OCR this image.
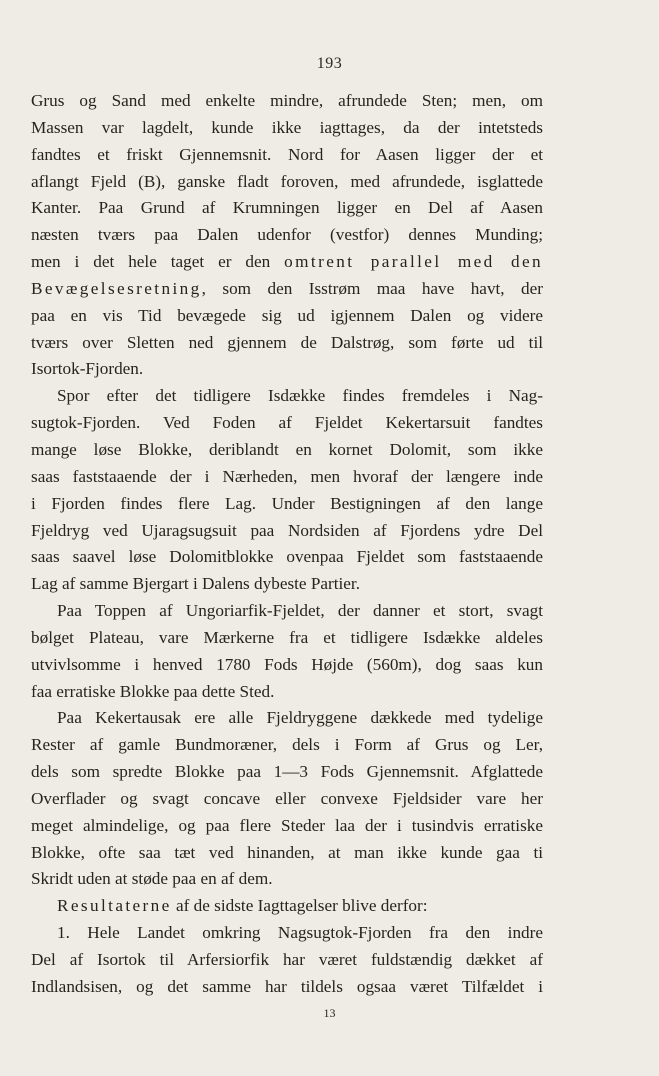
193

Grus og Sand med enkelte mindre, afrundede Sten; men, om

Massen var lagdelt, kunde ikke iagttages, da der intetsteds

fandtes et friskt Gjennemsnit. Nord for Aasen ligger der et

aflangt Fjeld (B), ganske fladt foroven, med afrundede, isglattede

Kanter. Paa Grund af Krumningen ligger en Del af Aasen

næsten tværs paa Dalen udenfor (vestfor) dennes Munding;

men i det hele taget er den omtrent parallel med den

Bevægelsesretning, som den Isstrøm maa have havt, der

paa en vis Tid bevægede sig ud igjennem Dalen og videre

tværs over Sletten ned gjennem de Dalstrøg, som førte ud til

Isortok-Fjorden.

Spor efter det tidligere Isdække findes fremdeles i Nag-

sugtok-Fjorden. Ved Foden af Fjeldet Kekertarsuit fandtes

mange løse Blokke, deriblandt en kornet Dolomit, som ikke

saas faststaaende der i Nærheden, men hvoraf der længere inde

i Fjorden findes flere Lag. Under Bestigningen af den lange

Fjeldryg ved Ujaragsugsuit paa Nordsiden af Fjordens ydre Del

saas saavel løse Dolomitblokke ovenpaa Fjeldet som faststaaende

Lag af samme Bjergart i Dalens dybeste Partier.

Paa Toppen af Ungoriarfik-Fjeldet, der danner et stort, svagt

bølget Plateau, vare Mærkerne fra et tidligere Isdække aldeles

utvivlsomme i henved 1780 Fods Højde (560m), dog saas kun

faa erratiske Blokke paa dette Sted.

Paa Kekertausak ere alle Fjeldryggene dækkede med tydelige

Rester af gamle Bundmoræner, dels i Form af Grus og Ler,

dels som spredte Blokke paa 1—3 Fods Gjennemsnit. Afglattede

Overflader og svagt concave eller convexe Fjeldsider vare her

meget almindelige, og paa flere Steder laa der i tusindvis erratiske

Blokke, ofte saa tæt ved hinanden, at man ikke kunde gaa ti

Skridt uden at støde paa en af dem.

Resultaterne af de sidste Iagttagelser blive derfor:

1. Hele Landet omkring Nagsugtok-Fjorden fra den indre

Del af Isortok til Arfersiorfik har været fuldstændig dækket af

Indlandsisen, og det samme har tildels ogsaa været Tilfældet i

13
